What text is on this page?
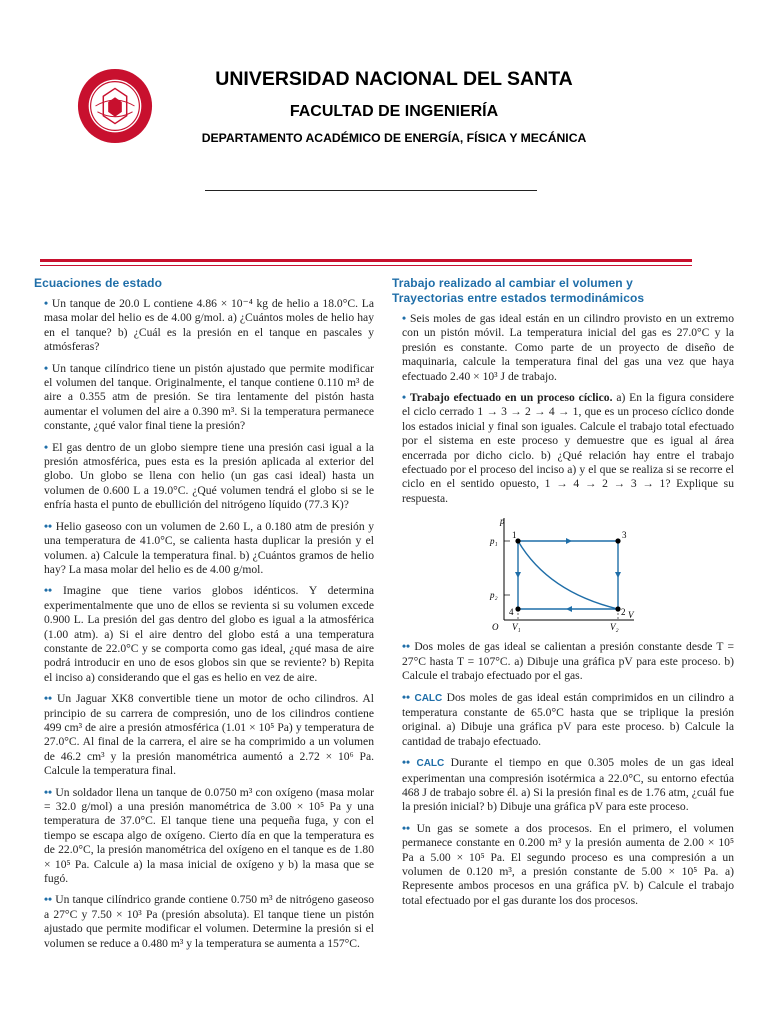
UNIVERSIDAD NACIONAL DEL SANTA
FACULTAD DE INGENIERÍA
DEPARTAMENTO ACADÉMICO DE ENERGÍA, FÍSICA Y MECÁNICA
Ecuaciones de estado

• Un tanque de 20.0 L contiene 4.86 × 10⁻⁴ kg de helio a 18.0°C. La masa molar del helio es de 4.00 g/mol. a) ¿Cuántos moles de helio hay en el tanque? b) ¿Cuál es la presión en el tanque en pascales y atmósferas?

• Un tanque cilíndrico tiene un pistón ajustado que permite modificar el volumen del tanque. Originalmente, el tanque contiene 0.110 m³ de aire a 0.355 atm de presión. Se tira lentamente del pistón hasta aumentar el volumen del aire a 0.390 m³. Si la temperatura permanece constante, ¿qué valor final tiene la presión?

• El gas dentro de un globo siempre tiene una presión casi igual a la presión atmosférica, pues esta es la presión aplicada al exterior del globo. Un globo se llena con helio (un gas casi ideal) hasta un volumen de 0.600 L a 19.0°C. ¿Qué volumen tendrá el globo si se le enfría hasta el punto de ebullición del nitrógeno líquido (77.3 K)?

•• Helio gaseoso con un volumen de 2.60 L, a 0.180 atm de presión y una temperatura de 41.0°C, se calienta hasta duplicar la presión y el volumen. a) Calcule la temperatura final. b) ¿Cuántos gramos de helio hay? La masa molar del helio es de 4.00 g/mol.

•• Imagine que tiene varios globos idénticos. Y determina experimentalmente que uno de ellos se revienta si su volumen excede 0.900 L. La presión del gas dentro del globo es igual a la atmosférica (1.00 atm). a) Si el aire dentro del globo está a una temperatura constante de 22.0°C y se comporta como gas ideal, ¿qué masa de aire podrá introducir en uno de esos globos sin que se reviente? b) Repita el inciso a) considerando que el gas es helio en vez de aire.

•• Un Jaguar XK8 convertible tiene un motor de ocho cilindros. Al principio de su carrera de compresión, uno de los cilindros contiene 499 cm³ de aire a presión atmosférica (1.01 × 10⁵ Pa) y temperatura de 27.0°C. Al final de la carrera, el aire se ha comprimido a un volumen de 46.2 cm³ y la presión manométrica aumentó a 2.72 × 10⁶ Pa. Calcule la temperatura final.

•• Un soldador llena un tanque de 0.0750 m³ con oxígeno (masa molar = 32.0 g/mol) a una presión manométrica de 3.00 × 10⁵ Pa y una temperatura de 37.0°C. El tanque tiene una pequeña fuga, y con el tiempo se escapa algo de oxígeno. Cierto día en que la temperatura es de 22.0°C, la presión manométrica del oxígeno en el tanque es de 1.80 × 10⁵ Pa. Calcule a) la masa inicial de oxígeno y b) la masa que se fugó.

•• Un tanque cilíndrico grande contiene 0.750 m³ de nitrógeno gaseoso a 27°C y 7.50 × 10³ Pa (presión absoluta). El tanque tiene un pistón ajustado que permite modificar el volumen. Determine la presión si el volumen se reduce a 0.480 m³ y la temperatura se aumenta a 157°C.

Trabajo realizado al cambiar el volumen y
Trayectorias entre estados termodinámicos

• Seis moles de gas ideal están en un cilindro provisto en un extremo con un pistón móvil. La temperatura inicial del gas es 27.0°C y la presión es constante. Como parte de un proyecto de diseño de maquinaria, calcule la temperatura final del gas una vez que haya efectuado 2.40 × 10³ J de trabajo.

• Trabajo efectuado en un proceso cíclico. a) En la figura considere el ciclo cerrado 1 → 3 → 2 → 4 → 1, que es un proceso cíclico donde los estados inicial y final son iguales. Calcule el trabajo total efectuado por el sistema en este proceso y demuestre que es igual al área encerrada por dicho ciclo. b) ¿Qué relación hay entre el trabajo efectuado por el proceso del inciso a) y el que se realiza si se recorre el ciclo en el sentido opuesto, 1 → 4 → 2 → 3 → 1? Explique su respuesta.

p
V
O
p₁
p₂
V₁	V₂
1	3
2
4

•• Dos moles de gas ideal se calientan a presión constante desde T = 27°C hasta T = 107°C. a) Dibuje una gráfica pV para este proceso. b) Calcule el trabajo efectuado por el gas.

•• CALC Dos moles de gas ideal están comprimidos en un cilindro a temperatura constante de 65.0°C hasta que se triplique la presión original. a) Dibuje una gráfica pV para este proceso. b) Calcule la cantidad de trabajo efectuado.

•• CALC Durante el tiempo en que 0.305 moles de un gas ideal experimentan una compresión isotérmica a 22.0°C, su entorno efectúa 468 J de trabajo sobre él. a) Si la presión final es de 1.76 atm, ¿cuál fue la presión inicial? b) Dibuje una gráfica pV para este proceso.

•• Un gas se somete a dos procesos. En el primero, el volumen permanece constante en 0.200 m³ y la presión aumenta de 2.00 × 10⁵ Pa a 5.00 × 10⁵ Pa. El segundo proceso es una compresión a un volumen de 0.120 m³, a presión constante de 5.00 × 10⁵ Pa. a) Represente ambos procesos en una gráfica pV. b) Calcule el trabajo total efectuado por el gas durante los dos procesos.
